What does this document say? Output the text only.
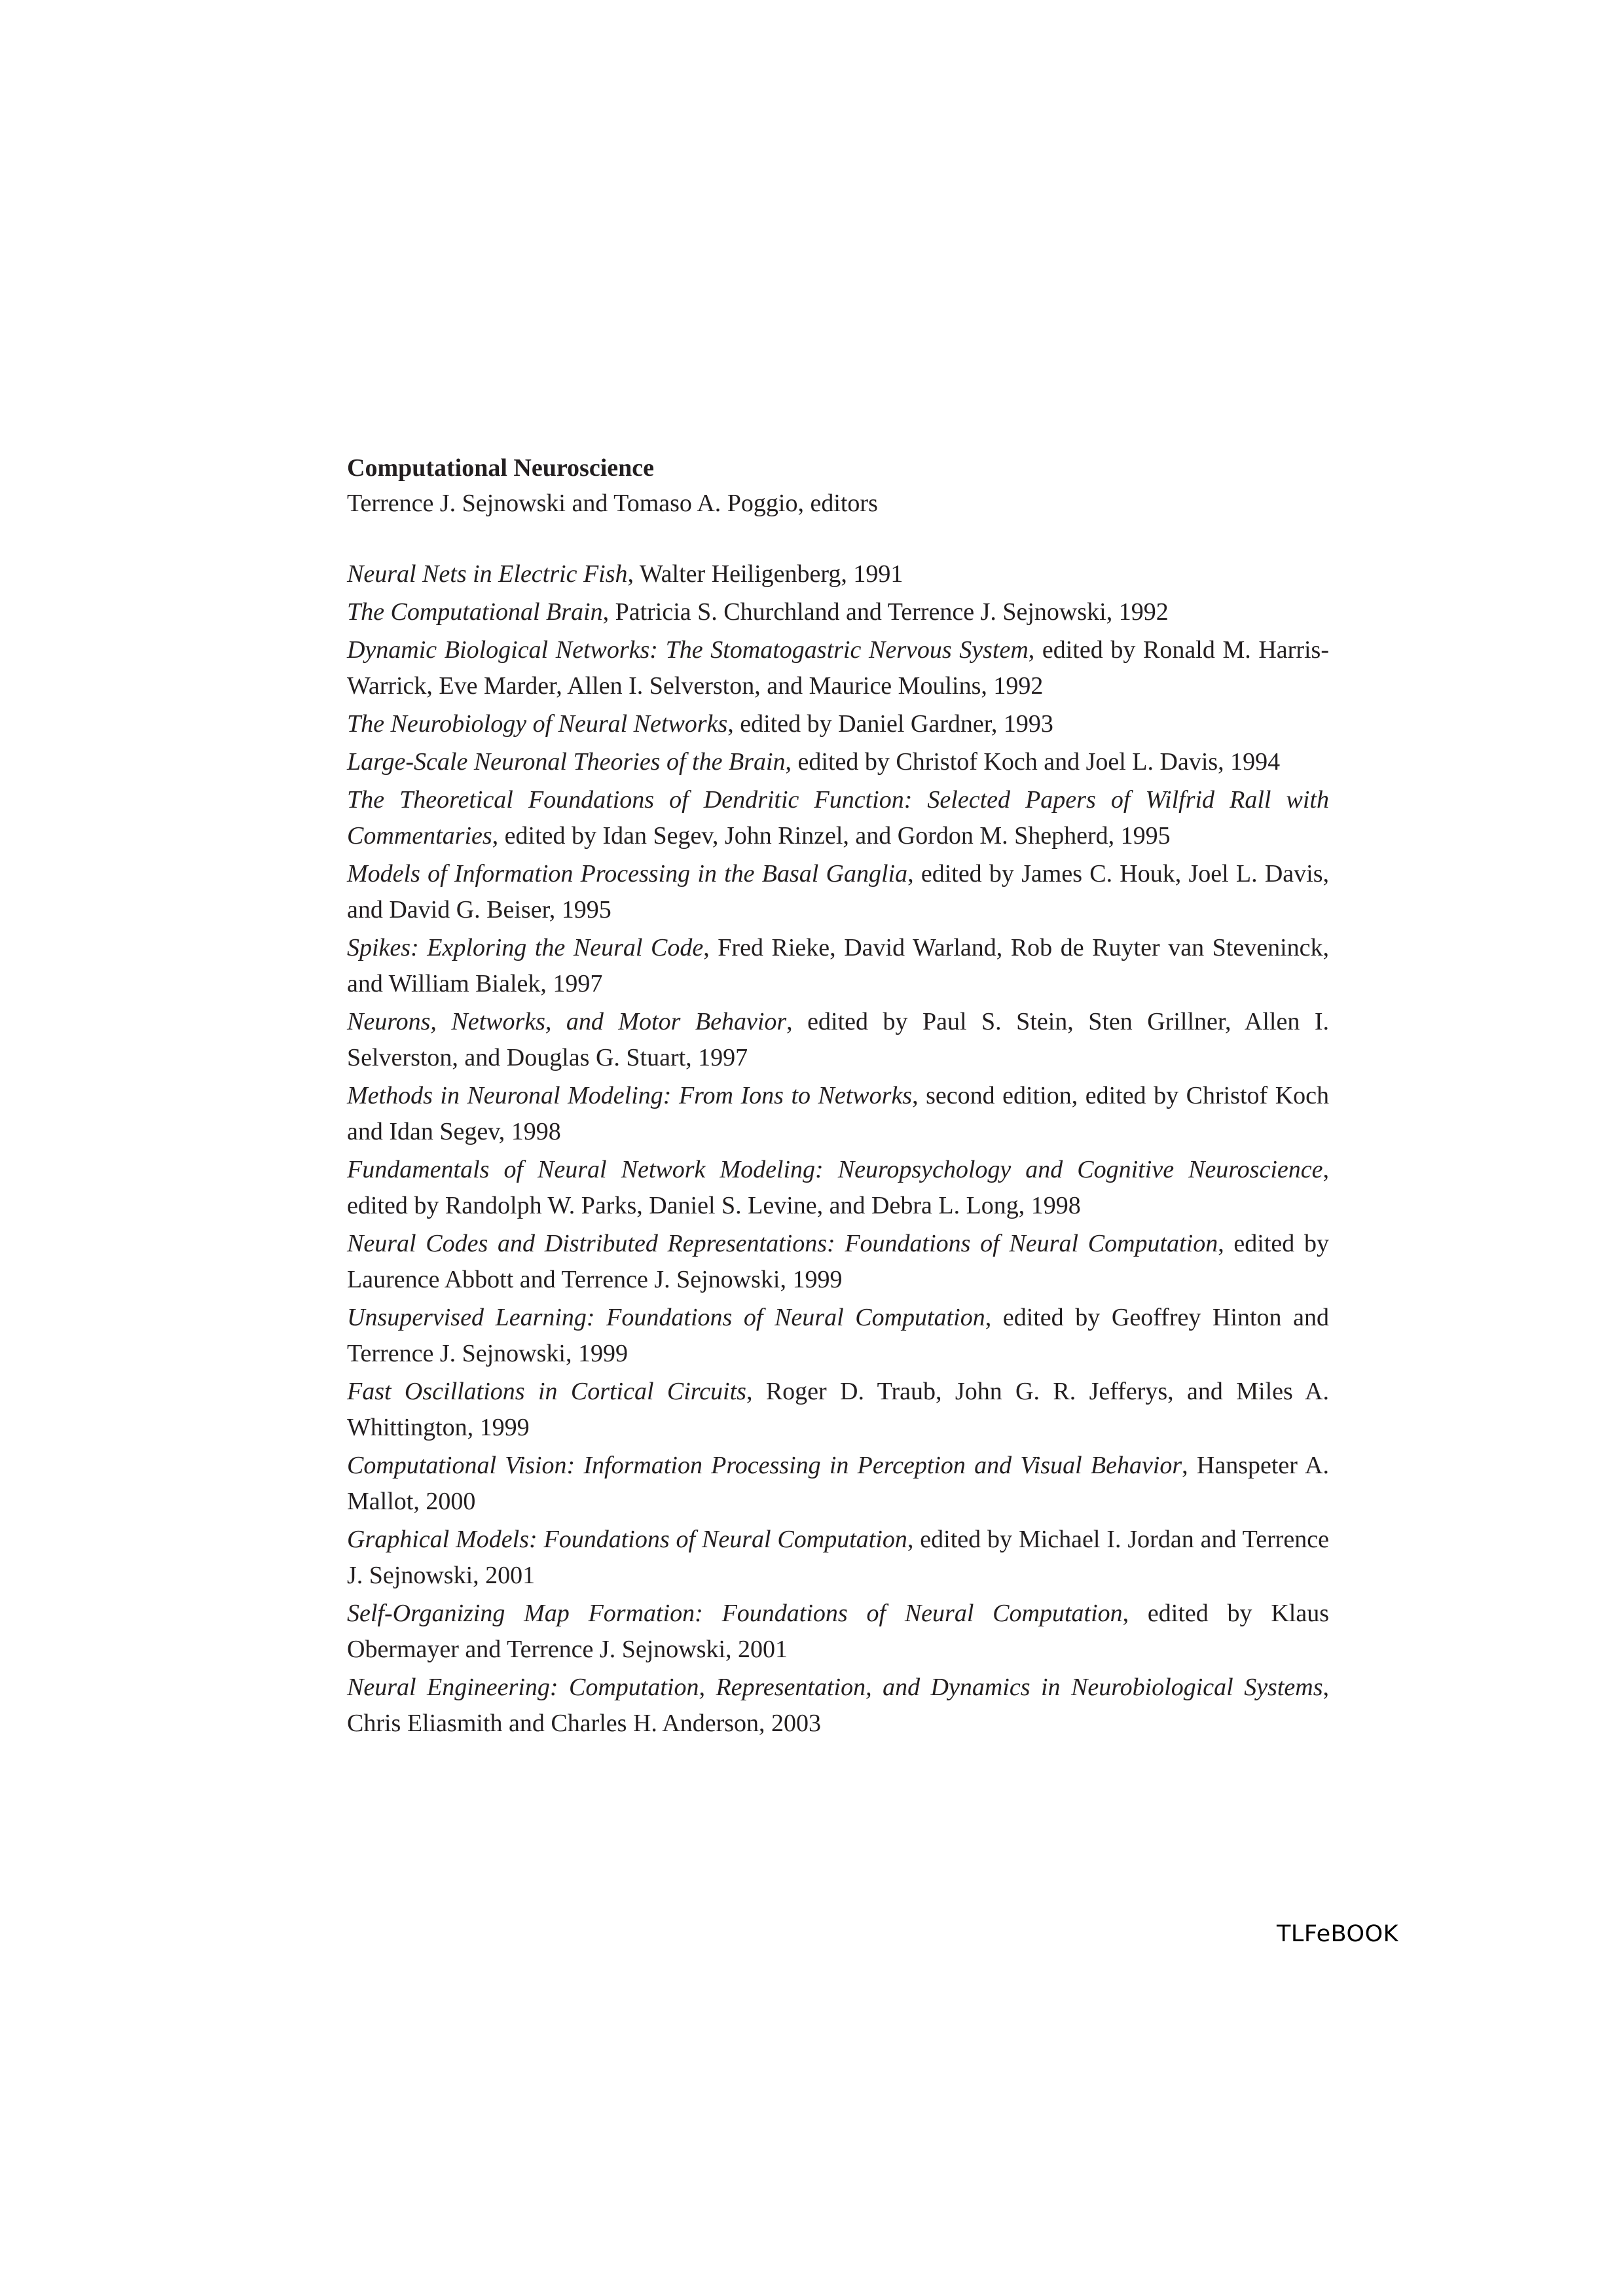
Computational Neuroscience

Terrence J. Sejnowski and Tomaso A. Poggio, editors

Neural Nets in Electric Fish, Walter Heiligenberg, 1991
The Computational Brain, Patricia S. Churchland and Terrence J. Sejnowski, 1992
Dynamic Biological Networks: The Stomatogastric Nervous System, edited by Ronald M. Harris-Warrick, Eve Marder, Allen I. Selverston, and Maurice Moulins, 1992
The Neurobiology of Neural Networks, edited by Daniel Gardner, 1993
Large-Scale Neuronal Theories of the Brain, edited by Christof Koch and Joel L. Davis, 1994
The Theoretical Foundations of Dendritic Function: Selected Papers of Wilfrid Rall with Commentaries, edited by Idan Segev, John Rinzel, and Gordon M. Shepherd, 1995
Models of Information Processing in the Basal Ganglia, edited by James C. Houk, Joel L. Davis, and David G. Beiser, 1995
Spikes: Exploring the Neural Code, Fred Rieke, David Warland, Rob de Ruyter van Steveninck, and William Bialek, 1997
Neurons, Networks, and Motor Behavior, edited by Paul S. Stein, Sten Grillner, Allen I. Selverston, and Douglas G. Stuart, 1997
Methods in Neuronal Modeling: From Ions to Networks, second edition, edited by Christof Koch and Idan Segev, 1998
Fundamentals of Neural Network Modeling: Neuropsychology and Cognitive Neuroscience, edited by Randolph W. Parks, Daniel S. Levine, and Debra L. Long, 1998
Neural Codes and Distributed Representations: Foundations of Neural Computation, edited by Laurence Abbott and Terrence J. Sejnowski, 1999
Unsupervised Learning: Foundations of Neural Computation, edited by Geoffrey Hinton and Terrence J. Sejnowski, 1999
Fast Oscillations in Cortical Circuits, Roger D. Traub, John G. R. Jefferys, and Miles A. Whittington, 1999
Computational Vision: Information Processing in Perception and Visual Behavior, Hanspeter A. Mallot, 2000
Graphical Models: Foundations of Neural Computation, edited by Michael I. Jordan and Terrence J. Sejnowski, 2001
Self-Organizing Map Formation: Foundations of Neural Computation, edited by Klaus Obermayer and Terrence J. Sejnowski, 2001
Neural Engineering: Computation, Representation, and Dynamics in Neurobiological Systems, Chris Eliasmith and Charles H. Anderson, 2003
TLFeBOOK
